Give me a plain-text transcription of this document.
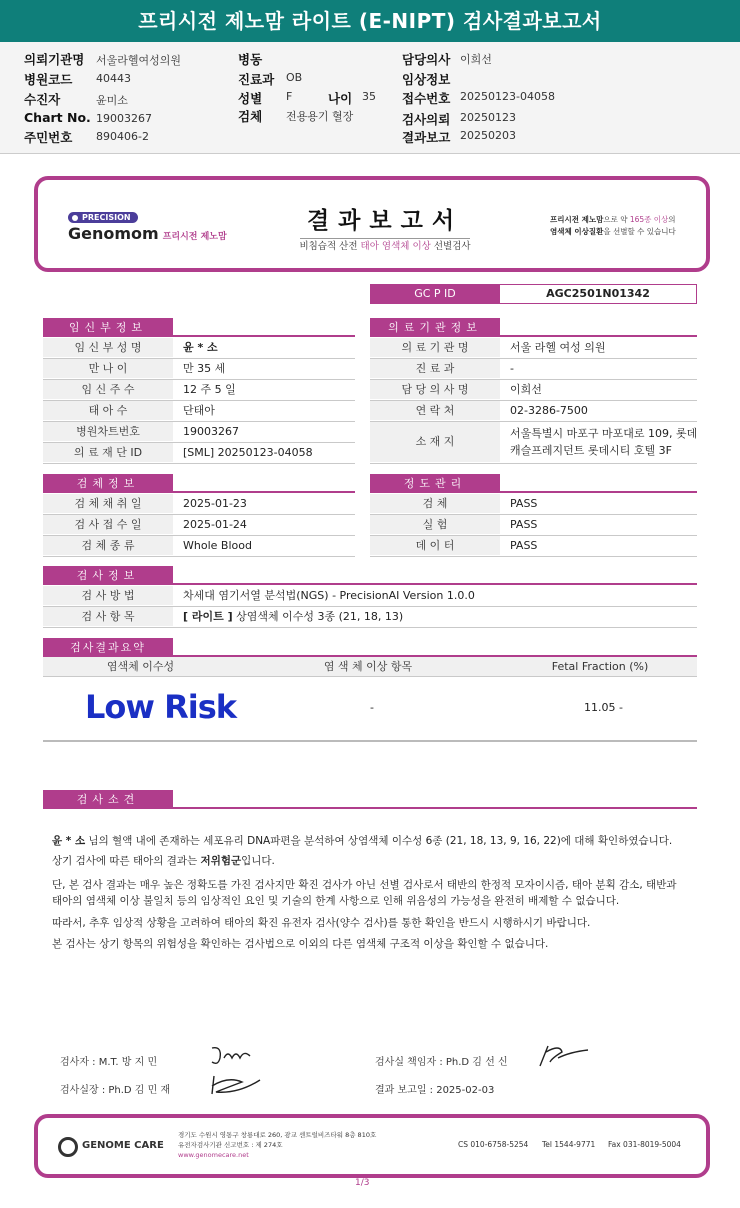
프리시전 제노맘 라이트 (E-NIPT) 검사결과보고서
의뢰기관명 서울라헬여성의원
병원코드 40443
수진자	윤미소
Chart No. 19003267
주민번호 890406-2
병동
진료과 OB
성별 F	나이 35
검체 전용용기 혈장
담당의사 이희선
임상정보
접수번호 20250123-04058
검사의뢰 20250123
결과보고 20250203
PRECISION
Genomom 프리시전 제노맘
결과보고서
비침습적 산전 태아 염색체 이상 선별검사
프리시전 제노맘으로 약 165종 이상의
염색체 이상질환을 선별할 수 있습니다
GC P ID	AGC2501N01342
임신부정보	의료기관정보
임 신 부 성 명	윤 * 소
만 나 이	만 35 세
임 신 주 수	12 주 5 일
태 아 수	단태아
병원차트번호	19003267
의 료 재 단 ID	[SML] 20250123-04058
의 료 기 관 명	서울 라헬 여성 의원
진 료 과	-
담 당 의 사 명	이희선
연 락 처	02-3286-7500
소 재 지
서울특별시 마포구 마포대로 109, 롯데
캐슬프레지던트 롯데시티 호텔 3F
검체정보	정도관리
검 체 채 취 일	2025-01-23
검 사 접 수 일	2025-01-24
검 체 종 류	Whole Blood
검 체	PASS
실 험	PASS
데 이 터	PASS
검사정보
검 사 방 법	차세대 염기서열 분석법(NGS) - PrecisionAI Version 1.0.0
검 사 항 목	[ 라이트 ] 상염색체 이수성 3종 (21, 18, 13)
검사결과요약
염색체 이수성	염 색 체 이상 항목	Fetal Fraction (%)
Low Risk	-	11.05 -
검사소견
윤 * 소 님의 혈액 내에 존재하는 세포유리 DNA파편을 분석하여 상염색체 이수성 6종 (21, 18, 13, 9, 16, 22)에 대해 확인하였습니다.
상기 검사에 따른 태아의 결과는 저위험군입니다.
단, 본 검사 결과는 매우 높은 정확도를 가진 검사지만 확진 검사가 아닌 선별 검사로서 태반의 한정적 모자이시즘, 태아 분획 감소, 태반과
태아의 염색체 이상 불일치 등의 임상적인 요인 및 기술의 한계 사항으로 인해 위음성의 가능성을 완전히 배제할 수 없습니다.
따라서, 추후 임상적 상황을 고려하여 태아의 확진 유전자 검사(양수 검사)를 통한 확인을 반드시 시행하시기 바랍니다.
본 검사는 상기 항목의 위험성을 확인하는 검사법으로 이외의 다른 염색체 구조적 이상을 확인할 수 없습니다.
검사자 : M.T. 방 지 민
검사실장 : Ph.D 김 민 재
검사실 책임자 : Ph.D 김 선 신
결과 보고일 : 2025-02-03
GENOME CARE
경기도 수원시 영통구 창룡대로 260, 광교 센트럴비즈타워 8층 810호
유전자검사기관 신고번호 : 제 274호
www.genomecare.net
CS 010-6758-5254 Tel 1544-9771 Fax 031-8019-5004
1/3
